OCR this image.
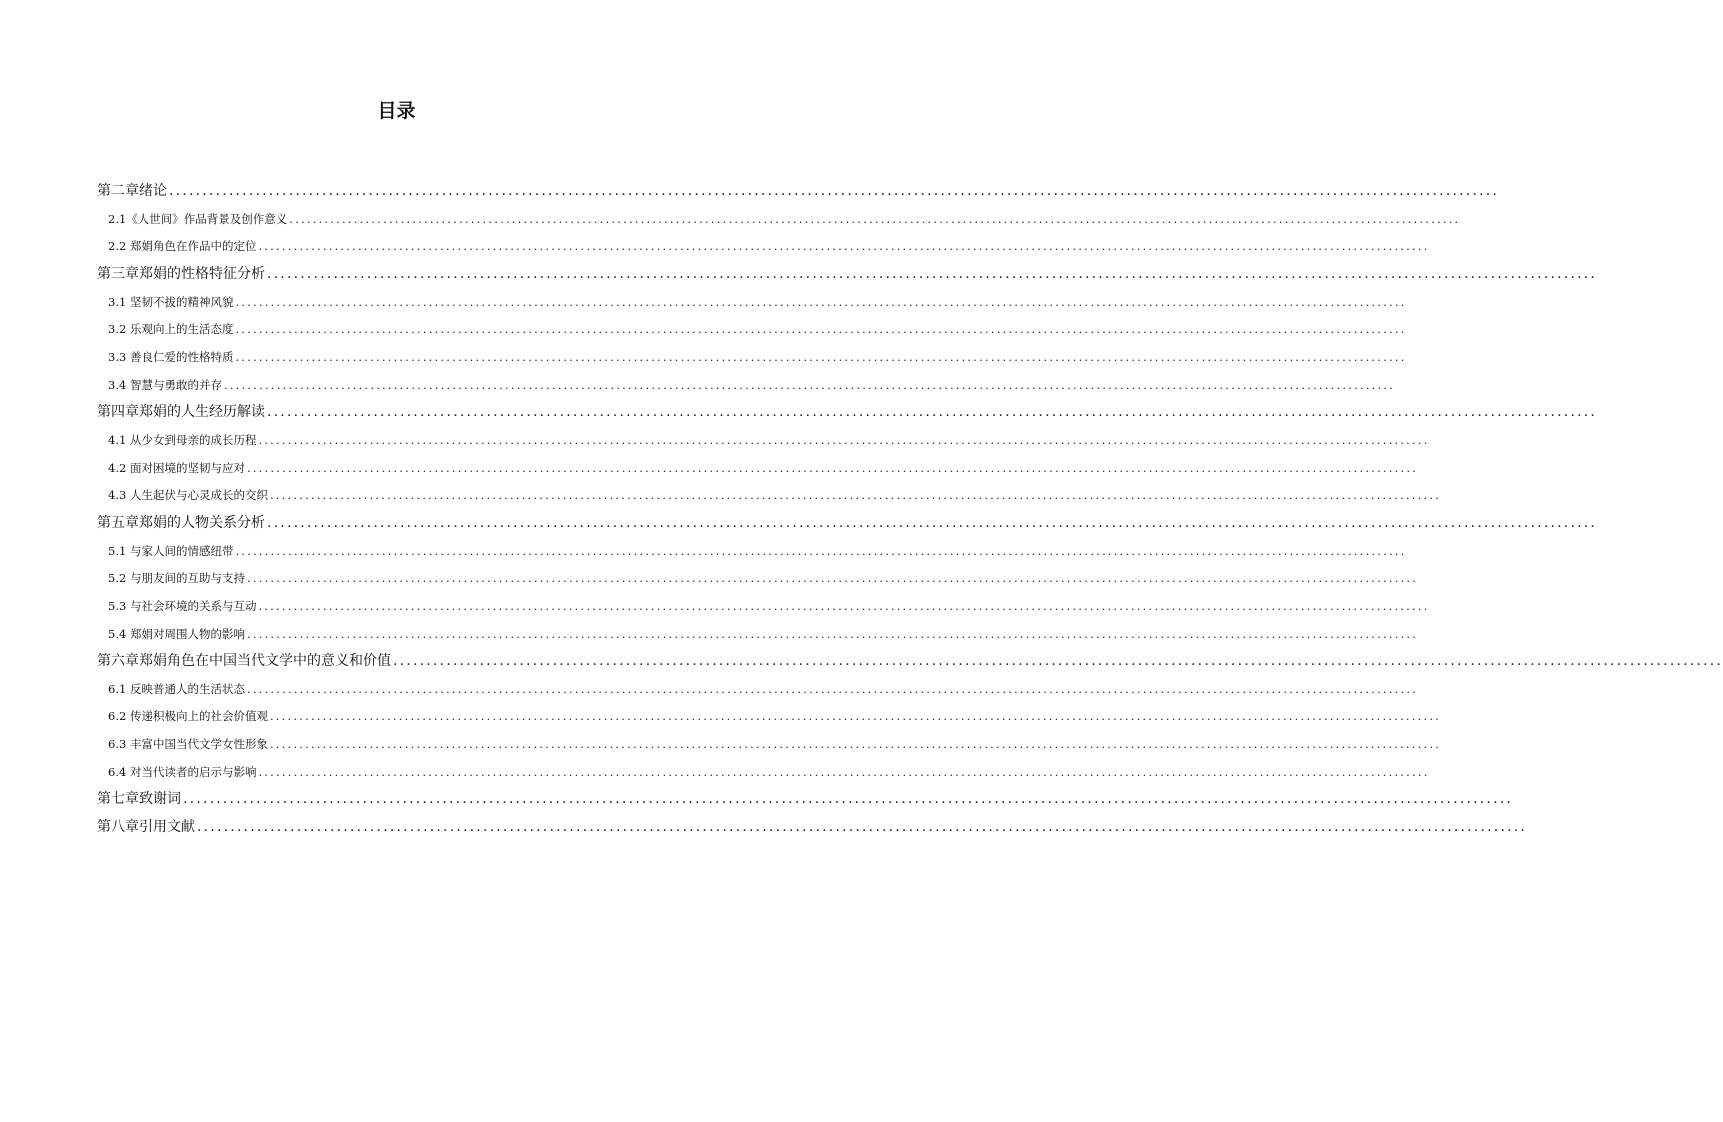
目录
第二章绪论 ........................................................................................................................................................................................................
2.1《人世间》作品背景及创作意义 ........................................................................................................................................................................................................
2.2 郑娟角色在作品中的定位 ........................................................................................................................................................................................................
第三章郑娟的性格特征分析 ........................................................................................................................................................................................................
3.1 坚韧不拔的精神风貌 ........................................................................................................................................................................................................
3.2 乐观向上的生活态度 ........................................................................................................................................................................................................
3.3 善良仁爱的性格特质 ........................................................................................................................................................................................................
3.4 智慧与勇敢的并存 ........................................................................................................................................................................................................
第四章郑娟的人生经历解读 ........................................................................................................................................................................................................
4.1 从少女到母亲的成长历程 ........................................................................................................................................................................................................
4.2 面对困境的坚韧与应对 ........................................................................................................................................................................................................
4.3 人生起伏与心灵成长的交织 ........................................................................................................................................................................................................
第五章郑娟的人物关系分析 ........................................................................................................................................................................................................
5.1 与家人间的情感纽带 ........................................................................................................................................................................................................
5.2 与朋友间的互助与支持 ........................................................................................................................................................................................................
5.3 与社会环境的关系与互动 ........................................................................................................................................................................................................
5.4 郑娟对周围人物的影响 ........................................................................................................................................................................................................
第六章郑娟角色在中国当代文学中的意义和价值 ........................................................................................................................................................................................................
6.1 反映普通人的生活状态 ........................................................................................................................................................................................................
6.2 传递积极向上的社会价值观 ........................................................................................................................................................................................................
6.3 丰富中国当代文学女性形象 ........................................................................................................................................................................................................
6.4 对当代读者的启示与影响 ........................................................................................................................................................................................................
第七章致谢词 ........................................................................................................................................................................................................
第八章引用文献 ........................................................................................................................................................................................................
